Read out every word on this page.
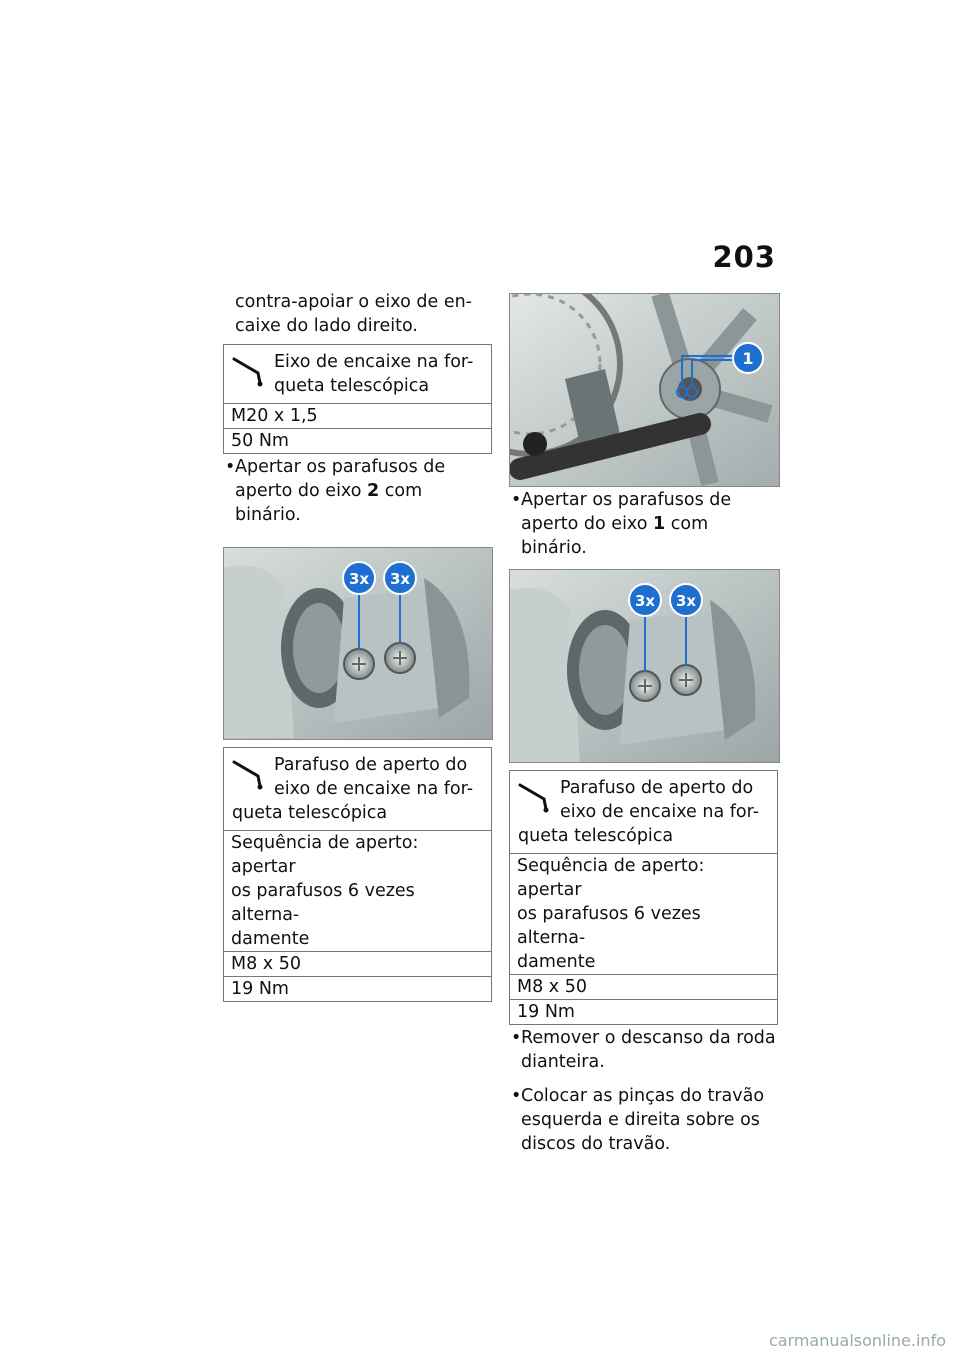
203

contra-apoiar o eixo de en-

caixe do lado direito.

Eixo de encaixe na for-
queta telescópica
M20 x 1,5
50 Nm
• Apertar os parafusos de
aperto do eixo 2 com binário.
3x 3x
Parafuso de aperto do
eixo de encaixe na for-
queta telescópica
Sequência de aperto: apertar
os parafusos 6 vezes alterna-
damente
M8 x 50
19 Nm
1
• Apertar os parafusos de
aperto do eixo 1 com binário.
3x 3x
Parafuso de aperto do
eixo de encaixe na for-
queta telescópica
Sequência de aperto: apertar
os parafusos 6 vezes alterna-
damente
M8 x 50
19 Nm
• Remover o descanso da roda
dianteira.
• Colocar as pinças do travão
esquerda e direita sobre os
discos do travão.
carmanualsonline.info
